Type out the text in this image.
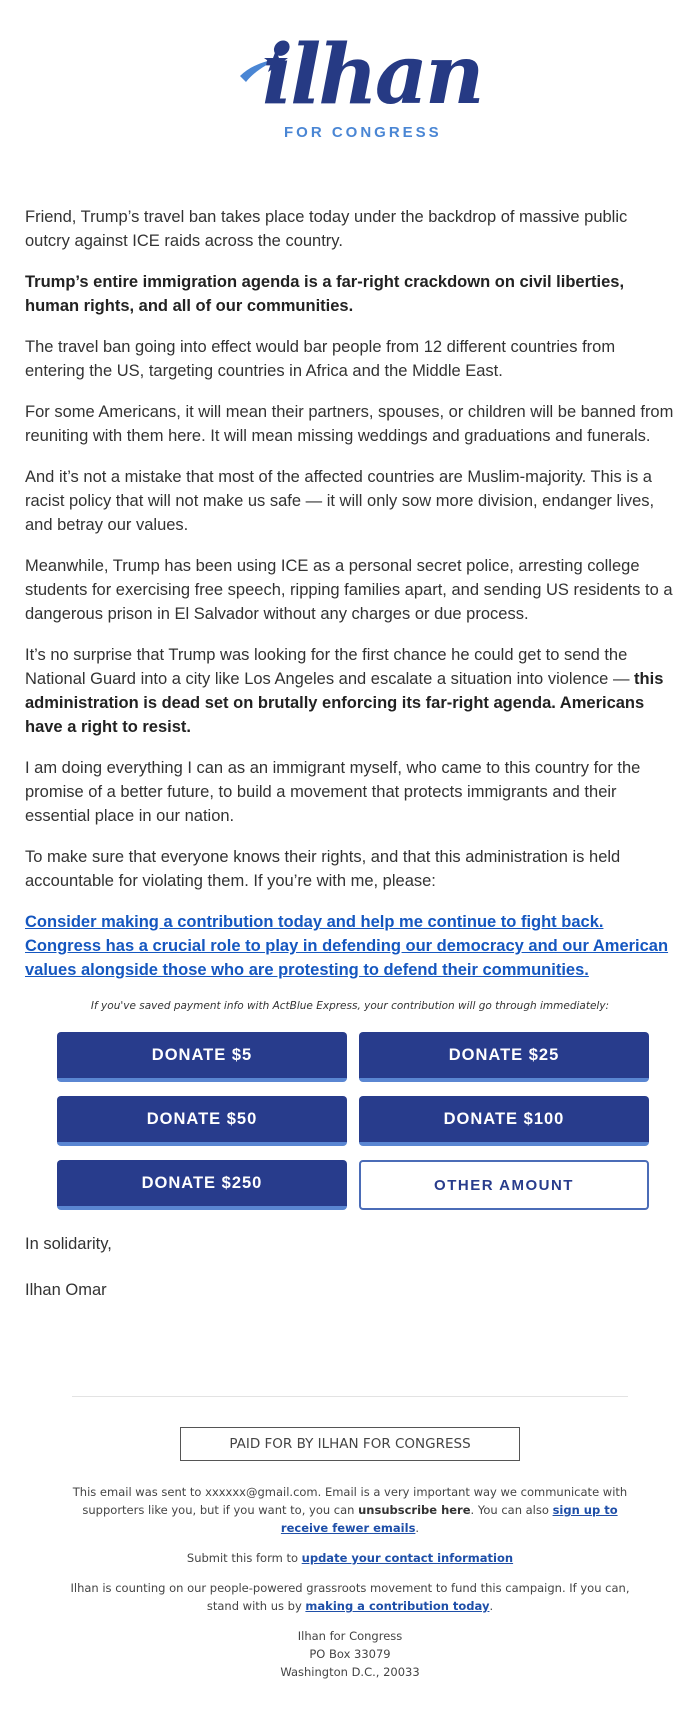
ilhan
FOR CONGRESS

Friend, Trump’s travel ban takes place today under the backdrop of massive public outcry against ICE raids across the country.

Trump’s entire immigration agenda is a far-right crackdown on civil liberties, human rights, and all of our communities.

The travel ban going into effect would bar people from 12 different countries from entering the US, targeting countries in Africa and the Middle East.

For some Americans, it will mean their partners, spouses, or children will be banned from reuniting with them here. It will mean missing weddings and graduations and funerals.

And it’s not a mistake that most of the affected countries are Muslim-majority. This is a racist policy that will not make us safe — it will only sow more division, endanger lives, and betray our values.

Meanwhile, Trump has been using ICE as a personal secret police, arresting college students for exercising free speech, ripping families apart, and sending US residents to a dangerous prison in El Salvador without any charges or due process.

It’s no surprise that Trump was looking for the first chance he could get to send the National Guard into a city like Los Angeles and escalate a situation into violence — this administration is dead set on brutally enforcing its far-right agenda. Americans have a right to resist.

I am doing everything I can as an immigrant myself, who came to this country for the promise of a better future, to build a movement that protects immigrants and their essential place in our nation.

To make sure that everyone knows their rights, and that this administration is held accountable for violating them. If you’re with me, please:

Consider making a contribution today and help me continue to fight back. Congress has a crucial role to play in defending our democracy and our American values alongside those who are protesting to defend their communities.

If you've saved payment info with ActBlue Express, your contribution will go through immediately:

DONATE $5	DONATE $25
DONATE $50	DONATE $100
DONATE $250	OTHER AMOUNT

In solidarity,

Ilhan Omar

PAID FOR BY ILHAN FOR CONGRESS

This email was sent to xxxxxx@gmail.com. Email is a very important way we communicate with supporters like you, but if you want to, you can unsubscribe here. You can also sign up to receive fewer emails.

Submit this form to update your contact information

Ilhan is counting on our people-powered grassroots movement to fund this campaign. If you can, stand with us by making a contribution today.

Ilhan for Congress
PO Box 33079
Washington D.C., 20033
